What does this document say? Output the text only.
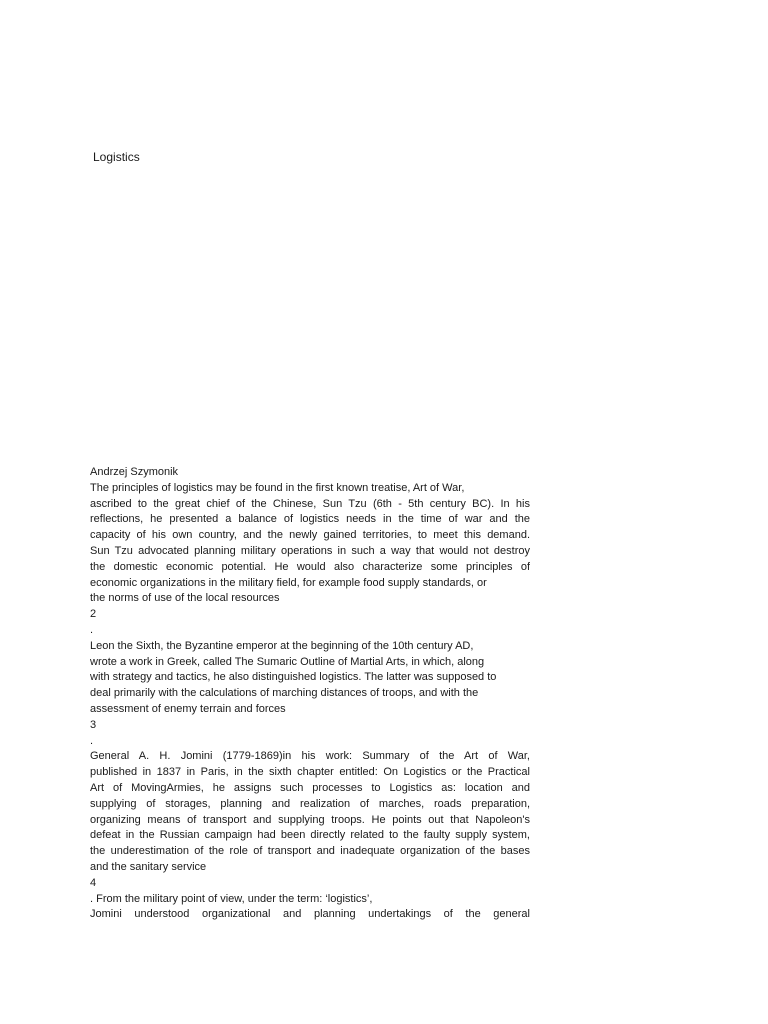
Logistics
Andrzej Szymonik
The principles of logistics may be found in the first known treatise, Art of War,
ascribed to the great chief of the Chinese, Sun Tzu (6th - 5th century BC). In his
reflections, he presented a balance of logistics needs in the time of war and the
capacity of his own country, and the newly gained territories, to meet this demand.
Sun Tzu advocated planning military operations in such a way that would not destroy
the domestic economic potential. He would also characterize some principles of
economic organizations in the military field, for example food supply standards, or
the norms of use of the local resources
2
.
Leon the Sixth, the Byzantine emperor at the beginning of the 10th century AD,
wrote a work in Greek, called The Sumaric Outline of Martial Arts, in which, along
with strategy and tactics, he also distinguished logistics. The latter was supposed to
deal primarily with the calculations of marching distances of troops, and with the
assessment of enemy terrain and forces
3
.
General A. H. Jomini (1779-1869)in his work: Summary of the Art of War,
published in 1837 in Paris, in the sixth chapter entitled: On Logistics or the Practical
Art of MovingArmies, he assigns such processes to Logistics as: location and
supplying of storages, planning and realization of marches, roads preparation,
organizing means of transport and supplying troops. He points out that Napoleon's
defeat in the Russian campaign had been directly related to the faulty supply system,
the underestimation of the role of transport and inadequate organization of the bases
and the sanitary service
4
. From the military point of view, under the term: ‘logistics’,
Jomini understood organizational and planning undertakings of the general
